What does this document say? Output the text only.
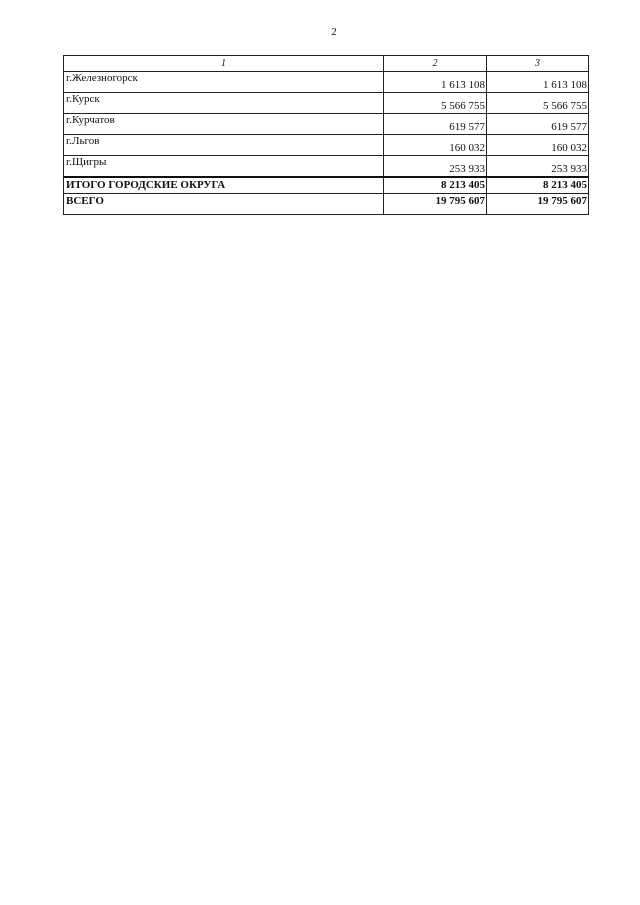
2
1	2	3
г.Железногорск	1 613 108	1 613 108
г.Курск	5 566 755	5 566 755
г.Курчатов	619 577	619 577
г.Льгов	160 032	160 032
г.Щигры	253 933	253 933
ИТОГО ГОРОДСКИЕ ОКРУГА	8 213 405	8 213 405
ВСЕГО	19 795 607	19 795 607
